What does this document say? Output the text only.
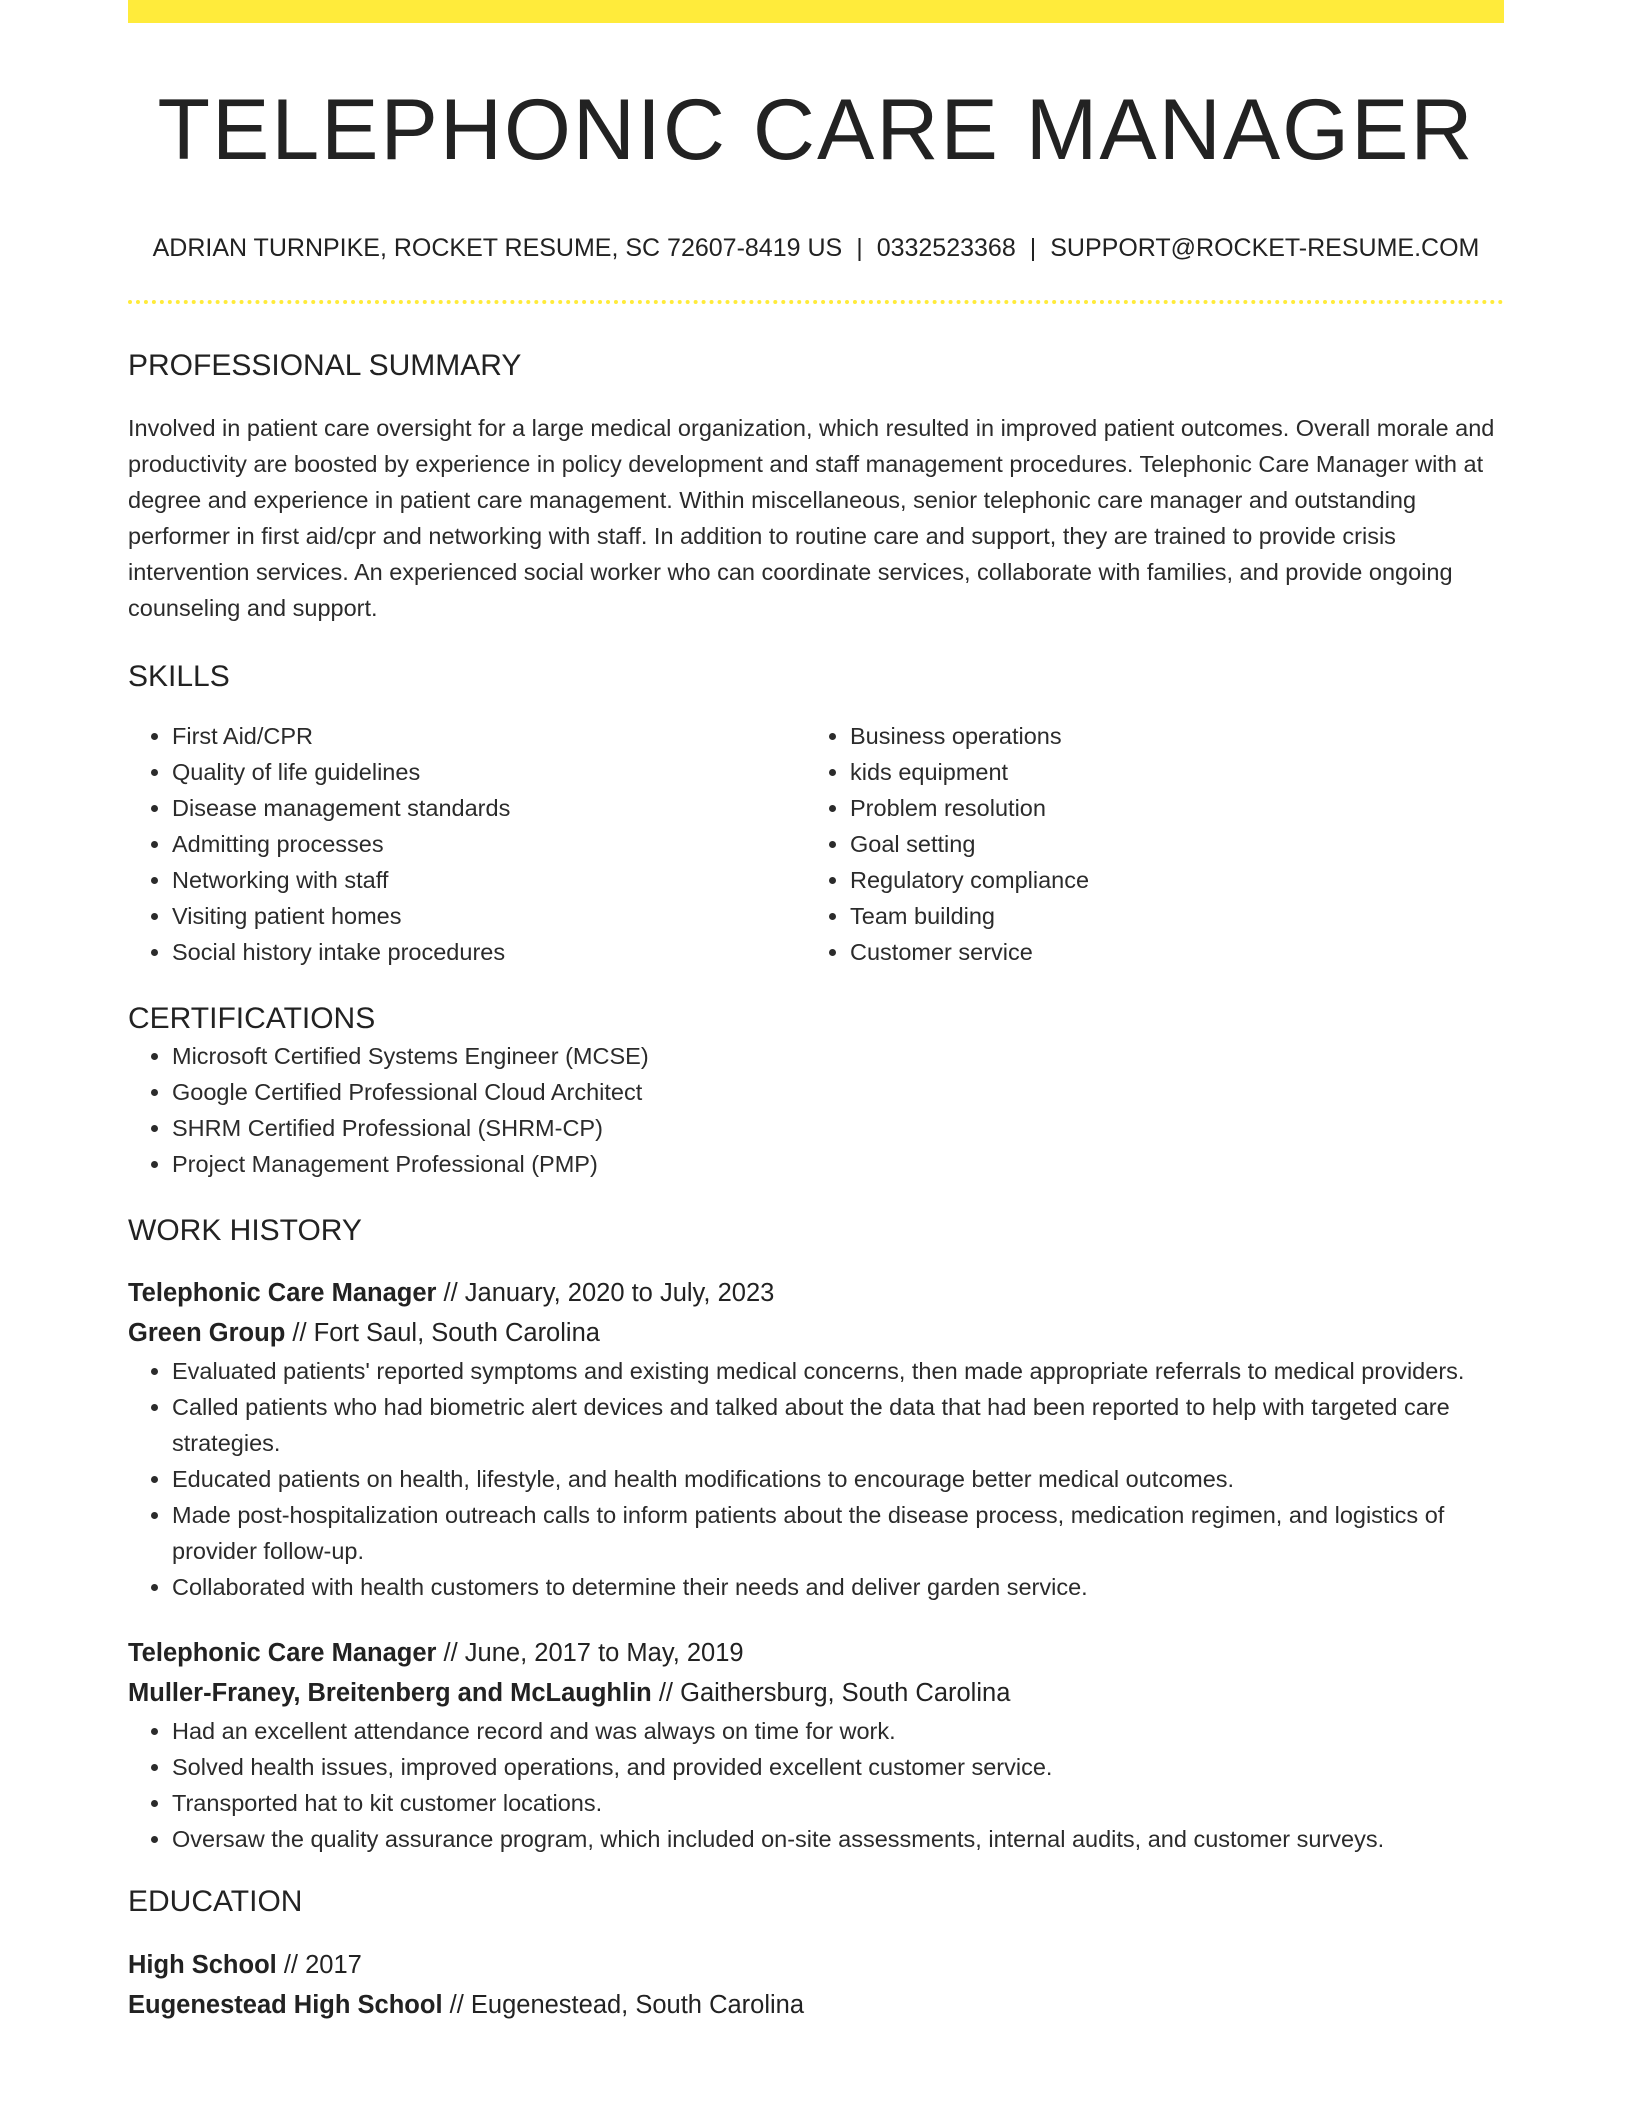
TELEPHONIC CARE MANAGER
ADRIAN TURNPIKE, ROCKET RESUME, SC 72607-8419 US | 0332523368 | SUPPORT@ROCKET-RESUME.COM
PROFESSIONAL SUMMARY

Involved in patient care oversight for a large medical organization, which resulted in improved patient outcomes. Overall morale and productivity are boosted by experience in policy development and staff management procedures. Telephonic Care Manager with at degree and experience in patient care management. Within miscellaneous, senior telephonic care manager and outstanding performer in first aid/cpr and networking with staff. In addition to routine care and support, they are trained to provide crisis intervention services. An experienced social worker who can coordinate services, collaborate with families, and provide ongoing counseling and support.

SKILLS
• First Aid/CPR
• Quality of life guidelines
• Disease management standards
• Admitting processes
• Networking with staff
• Visiting patient homes
• Social history intake procedures
• Business operations
• kids equipment
• Problem resolution
• Goal setting
• Regulatory compliance
• Team building
• Customer service
CERTIFICATIONS
• Microsoft Certified Systems Engineer (MCSE)
• Google Certified Professional Cloud Architect
• SHRM Certified Professional (SHRM-CP)
• Project Management Professional (PMP)
WORK HISTORY
Telephonic Care Manager // January, 2020 to July, 2023
Green Group // Fort Saul, South Carolina
• Evaluated patients' reported symptoms and existing medical concerns, then made appropriate referrals to medical providers.
• Called patients who had biometric alert devices and talked about the data that had been reported to help with targeted care strategies.
• Educated patients on health, lifestyle, and health modifications to encourage better medical outcomes.
• Made post-hospitalization outreach calls to inform patients about the disease process, medication regimen, and logistics of provider follow-up.
• Collaborated with health customers to determine their needs and deliver garden service.
Telephonic Care Manager // June, 2017 to May, 2019
Muller-Franey, Breitenberg and McLaughlin // Gaithersburg, South Carolina
• Had an excellent attendance record and was always on time for work.
• Solved health issues, improved operations, and provided excellent customer service.
• Transported hat to kit customer locations.
• Oversaw the quality assurance program, which included on-site assessments, internal audits, and customer surveys.
EDUCATION
High School // 2017
Eugenestead High School // Eugenestead, South Carolina
